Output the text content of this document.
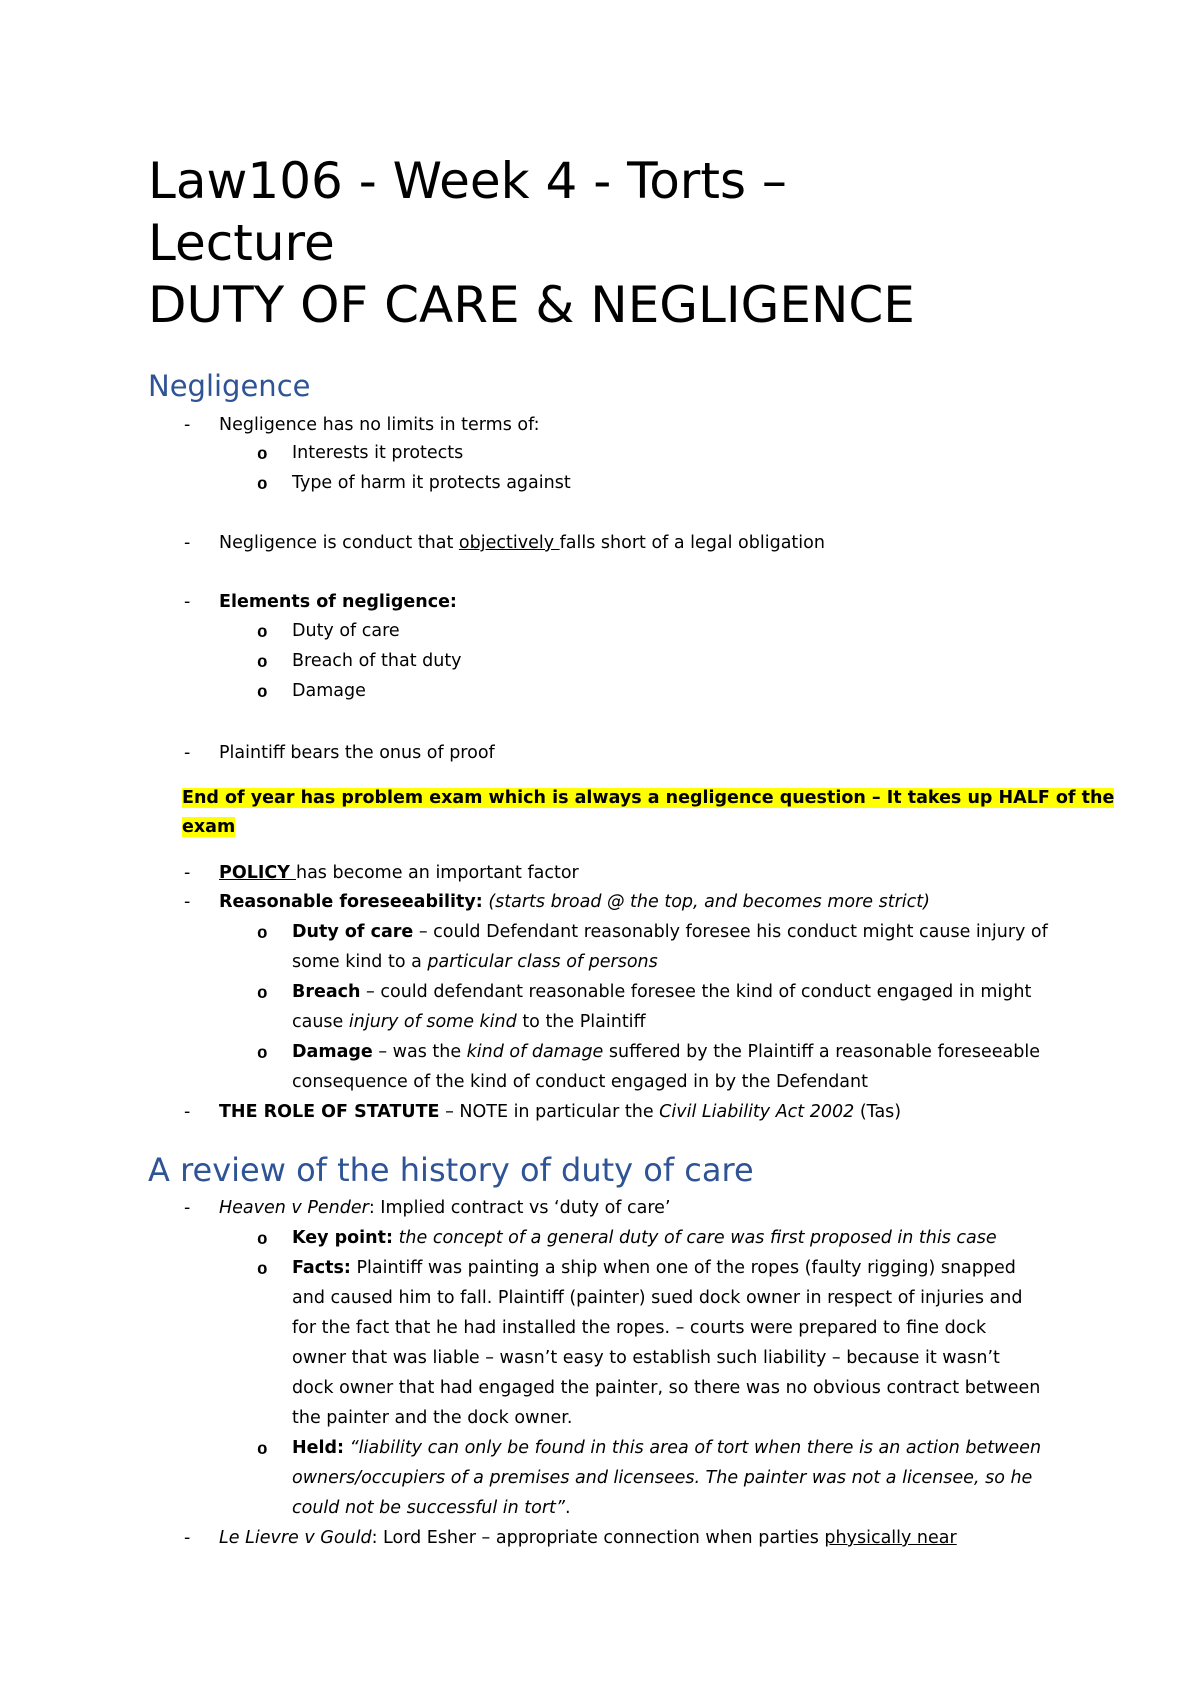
Law106 - Week 4 - Torts –
Lecture
DUTY OF CARE & NEGLIGENCE
Negligence
- Negligence has no limits in terms of:
o Interests it protects
o Type of harm it protects against
- Negligence is conduct that objectively falls short of a legal obligation
- Elements of negligence:
o Duty of care
o Breach of that duty
o Damage
- Plaintiff bears the onus of proof
End of year has problem exam which is always a negligence question – It takes up HALF of the
exam
- POLICY has become an important factor
- Reasonable foreseeability: (starts broad @ the top, and becomes more strict)
o Duty of care – could Defendant reasonably foresee his conduct might cause injury of
some kind to a particular class of persons
o Breach – could defendant reasonable foresee the kind of conduct engaged in might
cause injury of some kind to the Plaintiff
o Damage – was the kind of damage suffered by the Plaintiff a reasonable foreseeable
consequence of the kind of conduct engaged in by the Defendant
- THE ROLE OF STATUTE – NOTE in particular the Civil Liability Act 2002 (Tas)
A review of the history of duty of care
- Heaven v Pender: Implied contract vs ‘duty of care’
o Key point: the concept of a general duty of care was first proposed in this case
o Facts: Plaintiff was painting a ship when one of the ropes (faulty rigging) snapped
and caused him to fall. Plaintiff (painter) sued dock owner in respect of injuries and
for the fact that he had installed the ropes. – courts were prepared to fine dock
owner that was liable – wasn’t easy to establish such liability – because it wasn’t
dock owner that had engaged the painter, so there was no obvious contract between
the painter and the dock owner.
o Held: “liability can only be found in this area of tort when there is an action between
owners/occupiers of a premises and licensees. The painter was not a licensee, so he
could not be successful in tort”.
- Le Lievre v Gould: Lord Esher – appropriate connection when parties physically near
